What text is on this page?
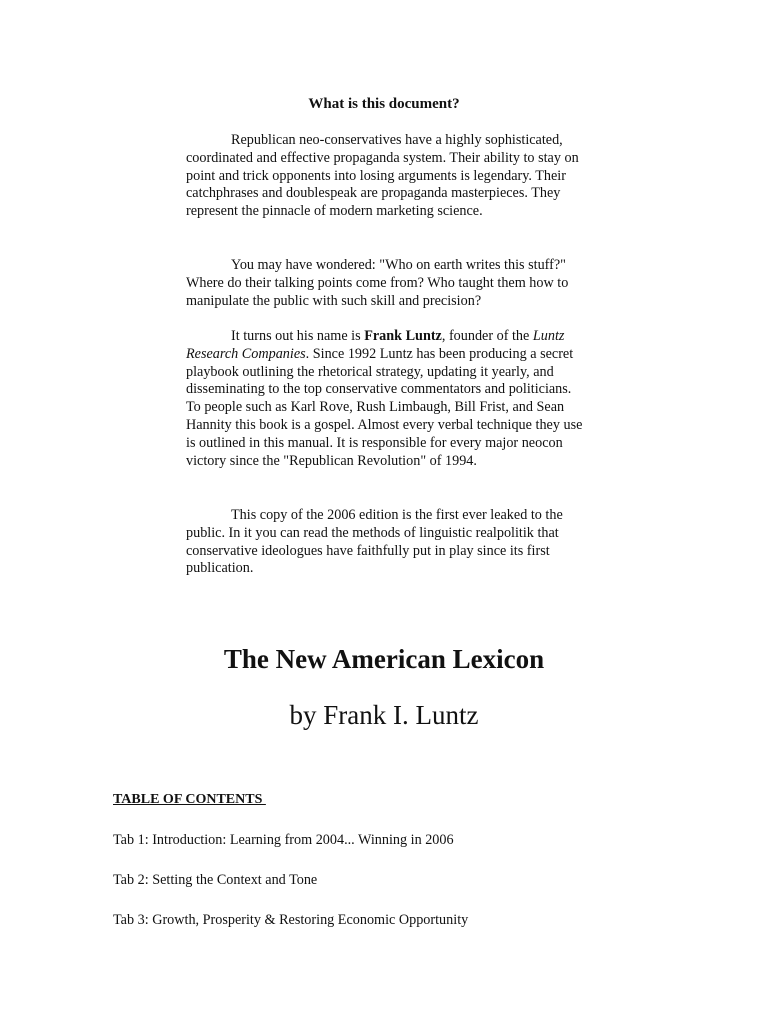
What is this document?

Republican neo-conservatives have a highly sophisticated, coordinated and effective propaganda system. Their ability to stay on point and trick opponents into losing arguments is legendary. Their catchphrases and doublespeak are propaganda masterpieces. They represent the pinnacle of modern marketing science.

You may have wondered: "Who on earth writes this stuff?" Where do their talking points come from? Who taught them how to manipulate the public with such skill and precision?

It turns out his name is Frank Luntz, founder of the Luntz Research Companies. Since 1992 Luntz has been producing a secret playbook outlining the rhetorical strategy, updating it yearly, and disseminating to the top conservative commentators and politicians. To people such as Karl Rove, Rush Limbaugh, Bill Frist, and Sean Hannity this book is a gospel. Almost every verbal technique they use is outlined in this manual. It is responsible for every major neocon victory since the "Republican Revolution" of 1994.

This copy of the 2006 edition is the first ever leaked to the public. In it you can read the methods of linguistic realpolitik that conservative ideologues have faithfully put in play since its first publication.

The New American Lexicon
by Frank I. Luntz
TABLE OF CONTENTS
Tab 1: Introduction: Learning from 2004... Winning in 2006
Tab 2: Setting the Context and Tone
Tab 3: Growth, Prosperity & Restoring Economic Opportunity
